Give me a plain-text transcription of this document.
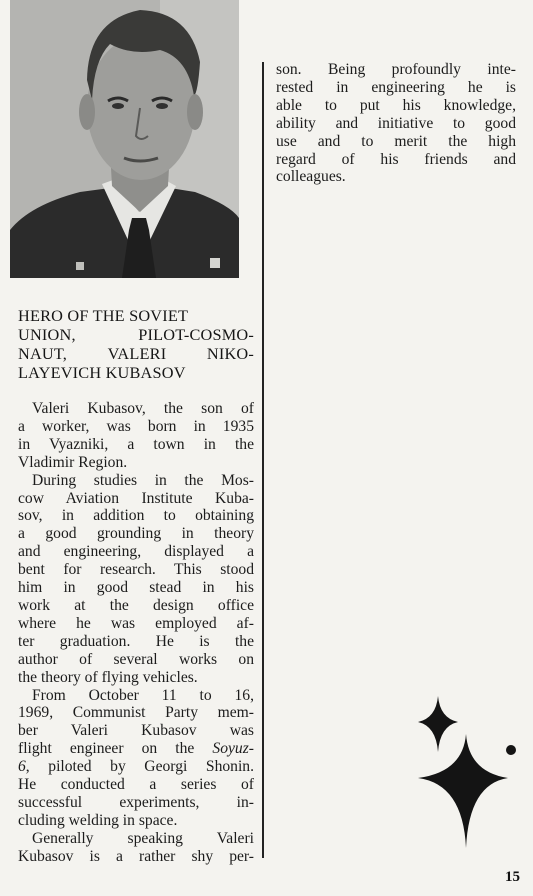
HERO OF THE SOVIET
UNION,	PILOT-COSMO-
NAUT, VALERI NIKO-
LAYEVICH KUBASOV
Valeri Kubasov, the son of
a worker, was born in 1935
in Vyazniki, a town in the
Vladimir Region.
During studies in the Mos-
cow Aviation Institute Kuba-
sov, in addition to obtaining
a good grounding in theory
and engineering, displayed a
bent for research. This stood
him in good stead in his
work at the design office
where he was employed af-
ter graduation. He is the
author of several works on
the theory of flying vehicles.
From October 11 to 16,
1969, Communist Party mem-
ber Valeri Kubasov was
flight engineer on the Soyuz-
6, piloted by Georgi Shonin.
He conducted a series of
successful experiments, in-
cluding welding in space.
Generally speaking Valeri
Kubasov is a rather shy per-
son. Being profoundly inte-
rested in engineering he is
able to put his knowledge,
ability and initiative to good
use and to merit the high
regard of his friends and
colleagues.
15
